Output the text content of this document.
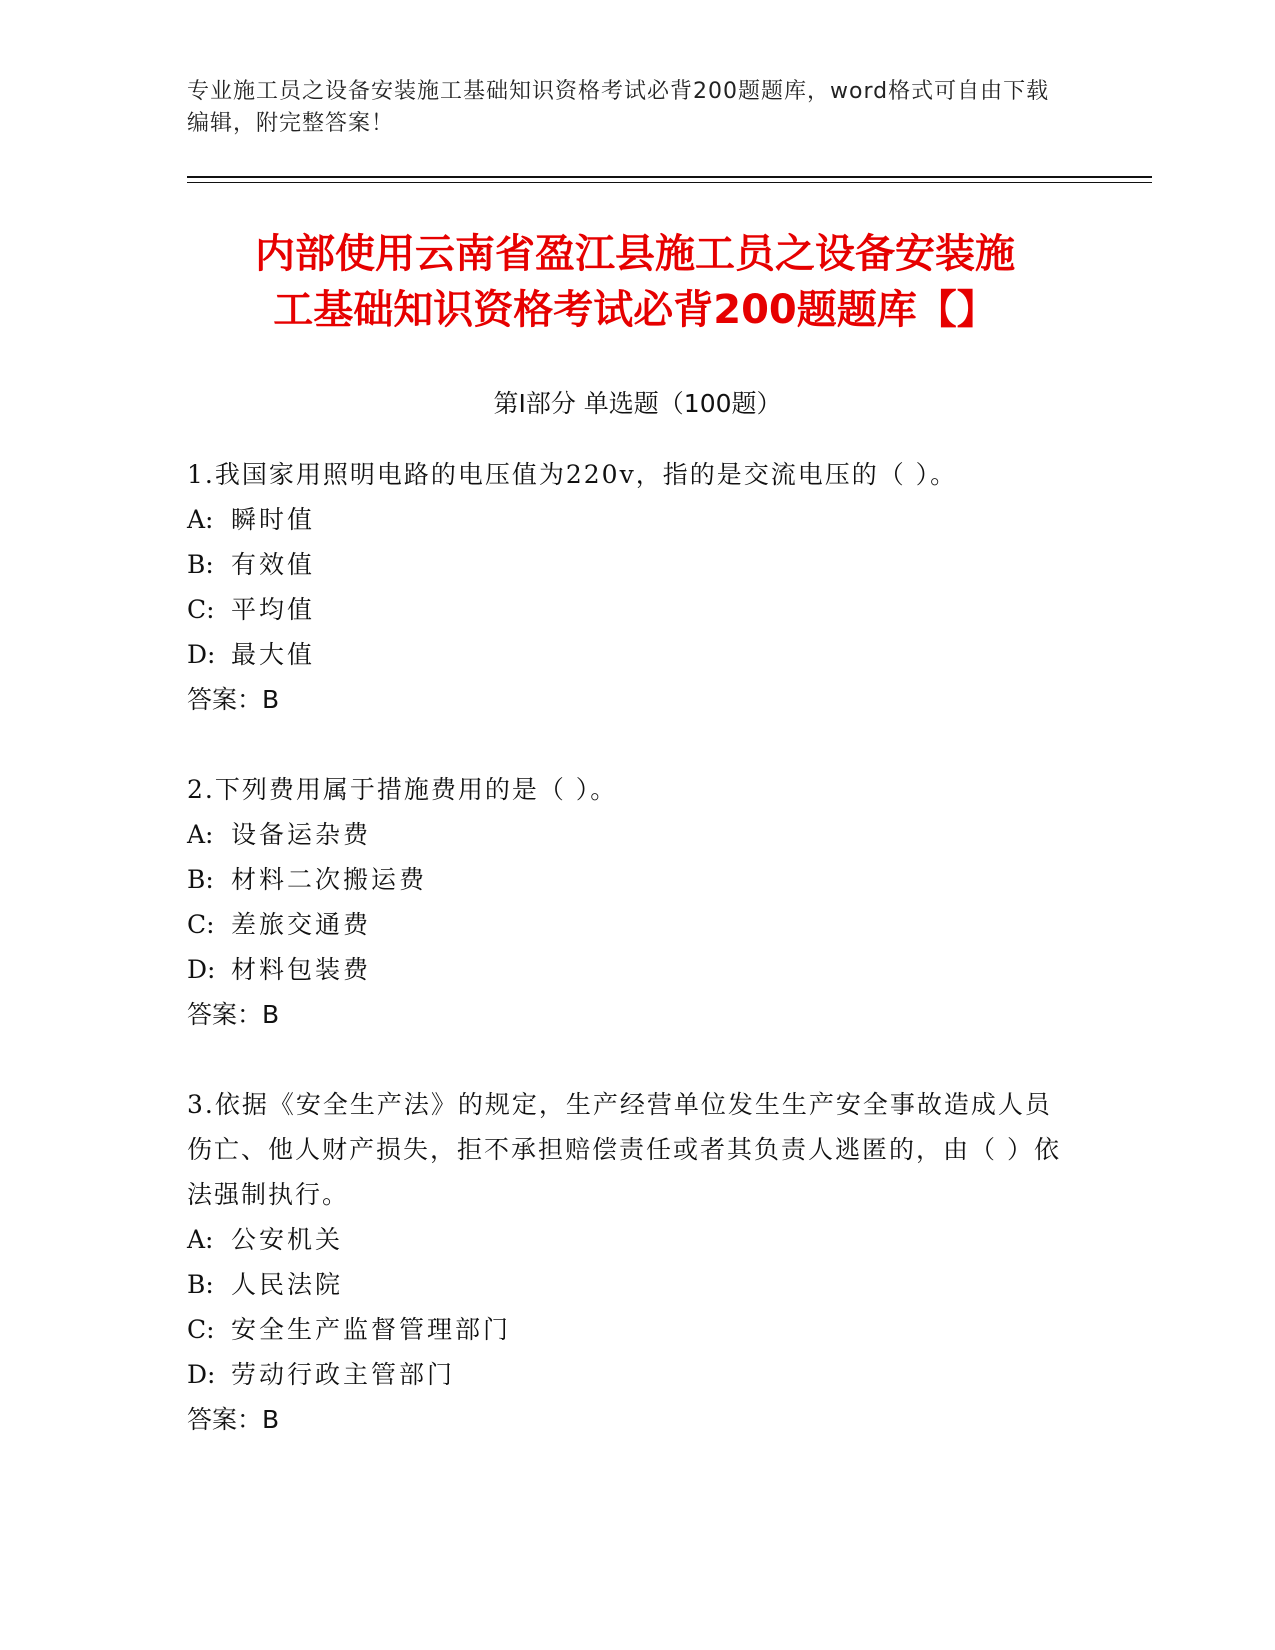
专业施工员之设备安装施工基础知识资格考试必背200题题库，word格式可自由下载编辑，附完整答案！
内部使用云南省盈江县施工员之设备安装施
工基础知识资格考试必背200题题库【】
第Ⅰ部分 单选题（100题）
1.我国家用照明电路的电压值为220v，指的是交流电压的（ ）。
A: 瞬时值
B: 有效值
C: 平均值
D: 最大值
答案：B
2.下列费用属于措施费用的是（ ）。
A: 设备运杂费
B: 材料二次搬运费
C: 差旅交通费
D: 材料包装费
答案：B
3.依据《安全生产法》的规定，生产经营单位发生生产安全事故造成人员伤亡、他人财产损失，拒不承担赔偿责任或者其负责人逃匿的，由（ ）依法强制执行。
A: 公安机关
B: 人民法院
C: 安全生产监督管理部门
D: 劳动行政主管部门
答案：B
